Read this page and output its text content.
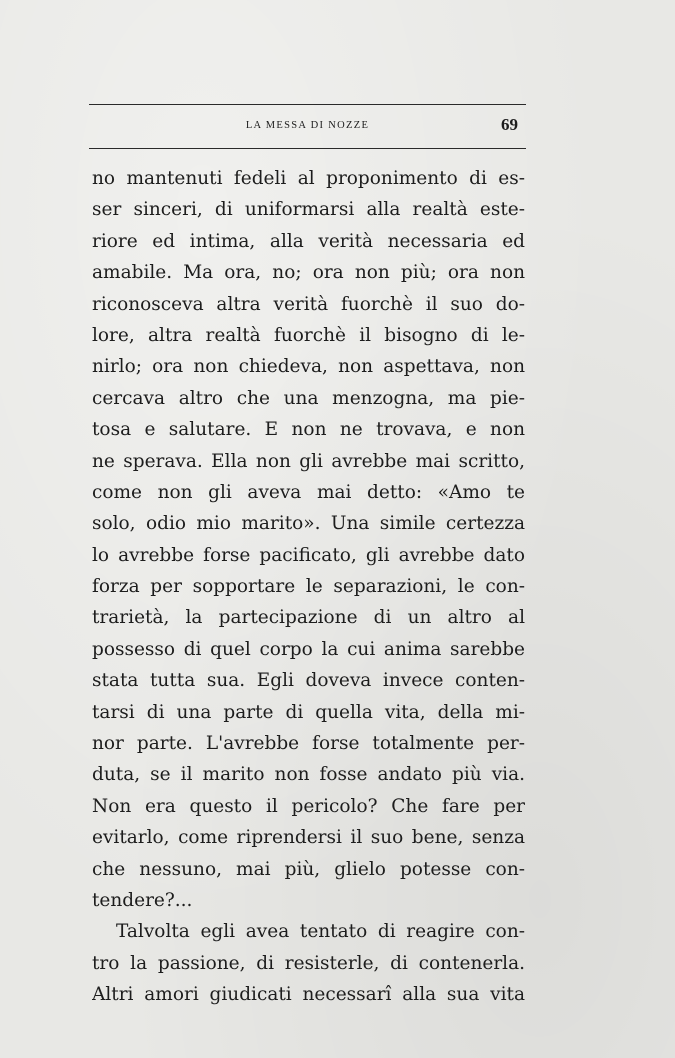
LA MESSA DI NOZZE	69
no mantenuti fedeli al proponimento di es-
ser sinceri, di uniformarsi alla realtà este-
riore ed intima, alla verità necessaria ed
amabile. Ma ora, no; ora non più; ora non
riconosceva altra verità fuorchè il suo do-
lore, altra realtà fuorchè il bisogno di le-
nirlo; ora non chiedeva, non aspettava, non
cercava altro che una menzogna, ma pie-
tosa e salutare. E non ne trovava, e non
ne sperava. Ella non gli avrebbe mai scritto,
come non gli aveva mai detto: «Amo te
solo, odio mio marito». Una simile certezza
lo avrebbe forse pacificato, gli avrebbe dato
forza per sopportare le separazioni, le con-
trarietà, la partecipazione di un altro al
possesso di quel corpo la cui anima sarebbe
stata tutta sua. Egli doveva invece conten-
tarsi di una parte di quella vita, della mi-
nor parte. L'avrebbe forse totalmente per-
duta, se il marito non fosse andato più via.
Non era questo il pericolo? Che fare per
evitarlo, come riprendersi il suo bene, senza
che nessuno, mai più, glielo potesse con-
tendere?...
Talvolta egli avea tentato di reagire con-
tro la passione, di resisterle, di contenerla.
Altri amori giudicati necessarî alla sua vita
